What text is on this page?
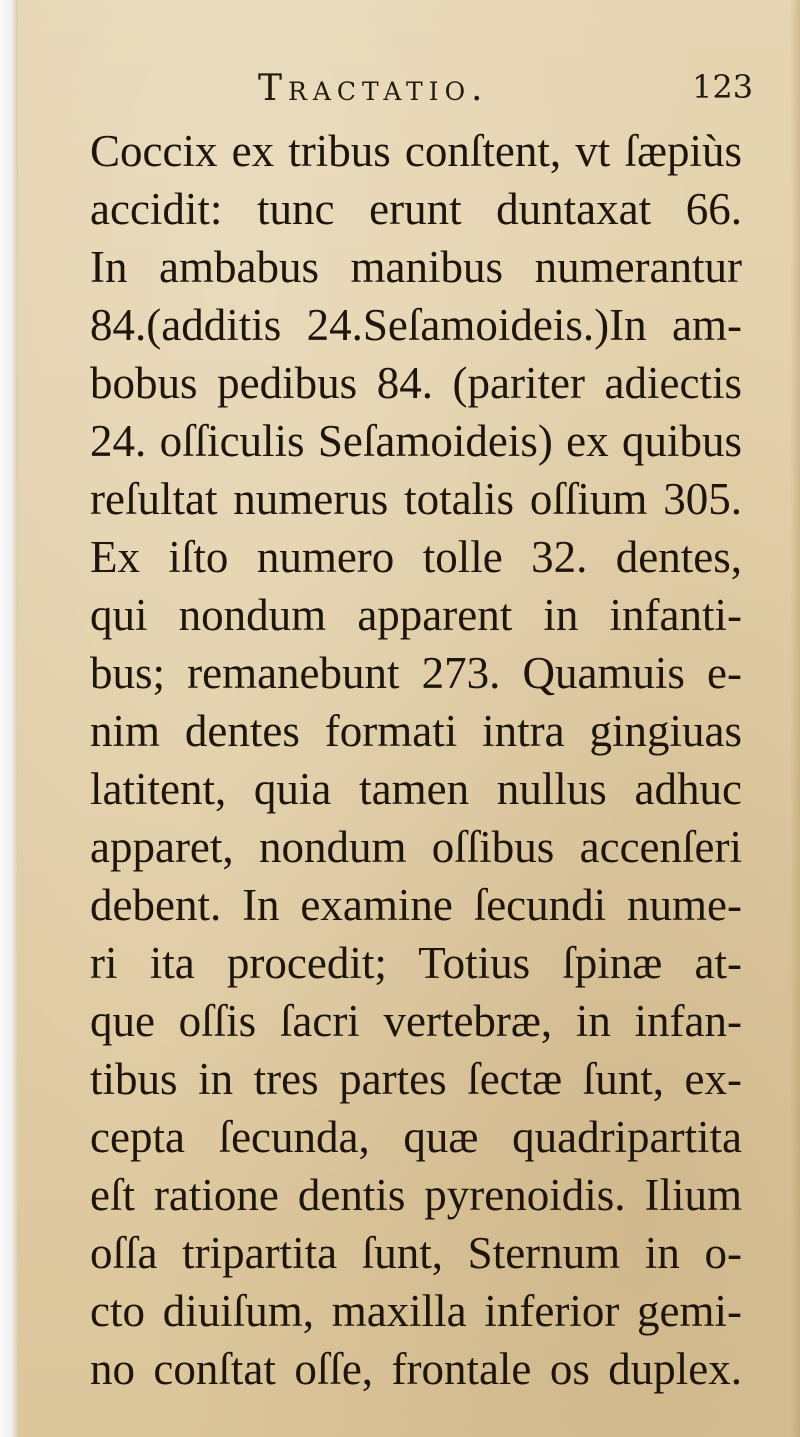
Tractatio.	123
Coccix ex tribus conſtent, vt ſæpiùs
accidit: tunc erunt duntaxat 66.
In ambabus manibus numerantur
84.(additis 24.Seſamoideis.)In am-
bobus pedibus 84. (pariter adiectis
24. oſſiculis Seſamoideis) ex quibus
reſultat numerus totalis oſſium 305.
Ex iſto numero tolle 32. dentes,
qui nondum apparent in infanti-
bus; remanebunt 273. Quamuis e-
nim dentes formati intra gingiuas
latitent, quia tamen nullus adhuc
apparet, nondum oſſibus accenſeri
debent. In examine ſecundi nume-
ri ita procedit; Totius ſpinæ at-
que oſſis ſacri vertebræ, in infan-
tibus in tres partes ſectæ ſunt, ex-
cepta ſecunda, quæ quadripartita
eſt ratione dentis pyrenoidis. Ilium
oſſa tripartita ſunt, Sternum in o-
cto diuiſum, maxilla inferior gemi-
no conſtat oſſe, frontale os duplex.
